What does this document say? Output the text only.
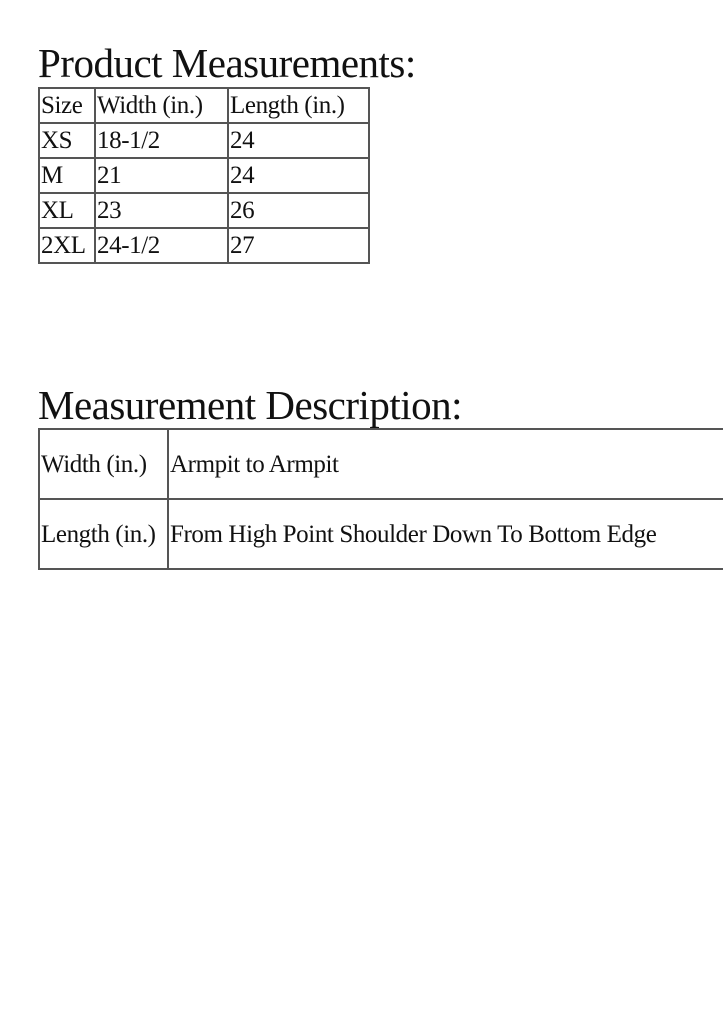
Product Measurements:
Size	Width (in.)	Length (in.)
XS	18-1/2	24
M	21	24
XL	23	26
2XL	24-1/2	27
Measurement Description:
Width (in.)	Armpit to Armpit
Length (in.)	From High Point Shoulder Down To Bottom Edge
